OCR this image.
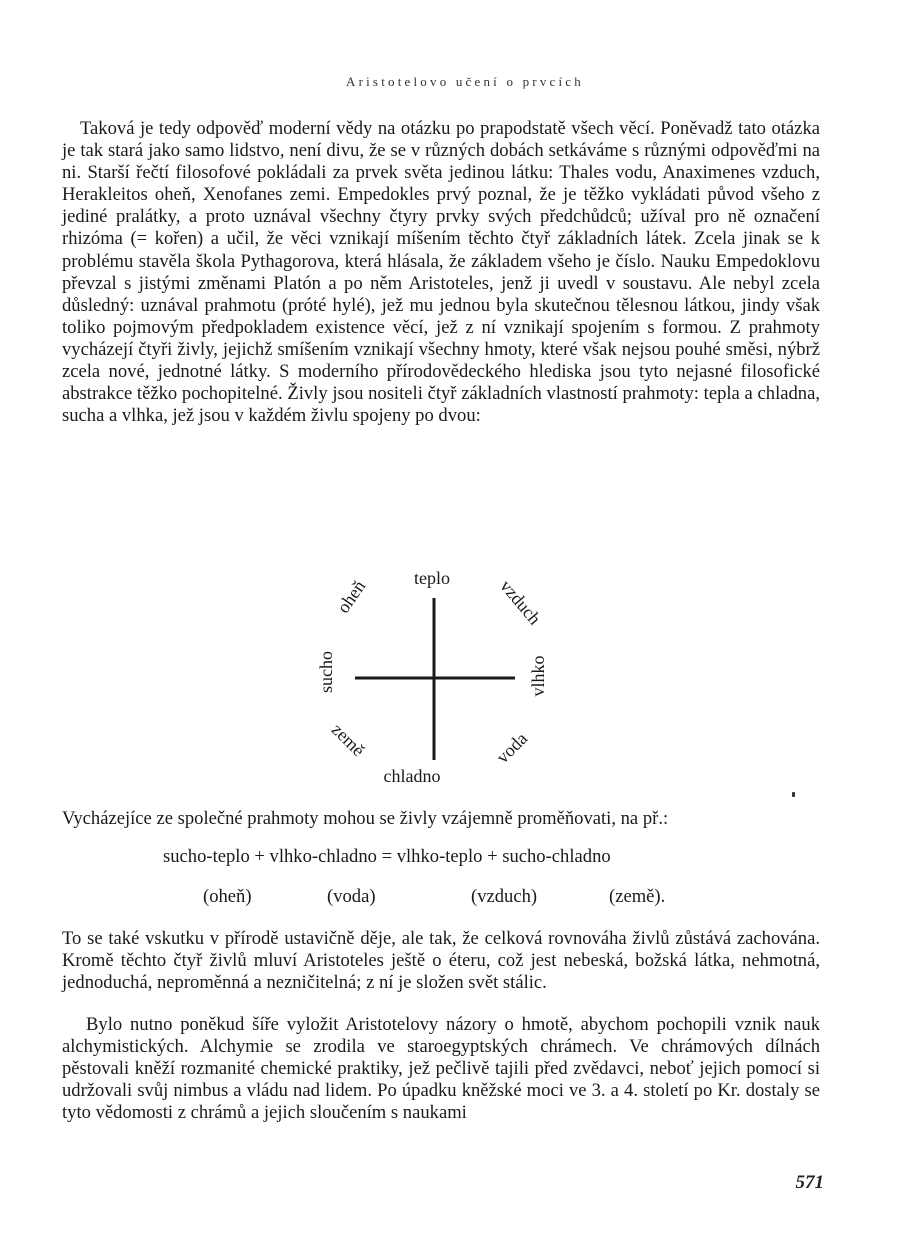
Aristotelovo učení o prvcích

Taková je tedy odpověď moderní vědy na otázku po prapodstatě všech věcí. Poněvadž tato otázka je tak stará jako samo lidstvo, není divu, že se v různých dobách setkáváme s různými odpověďmi na ni. Starší řečtí filosofové pokládali za prvek světa jedinou látku: Thales vodu, Anaximenes vzduch, Herakleitos oheň, Xenofanes zemi. Empedokles prvý poznal, že je těžko vykládati původ všeho z jediné pralátky, a proto uznával všechny čtyry prvky svých předchůdců; užíval pro ně označení rhizóma (= kořen) a učil, že věci vznikají míšením těchto čtyř základních látek. Zcela jinak se k problému stavěla škola Pythagorova, která hlásala, že základem všeho je číslo. Nauku Empedoklovu převzal s jistými změnami Platón a po něm Aristoteles, jenž ji uvedl v soustavu. Ale nebyl zcela důsledný: uznával prahmotu (próté hylé), jež mu jednou byla skutečnou tělesnou látkou, jindy však toliko pojmovým předpokladem existence věcí, jež z ní vznikají spojením s formou. Z prahmoty vycházejí čtyři živly, jejichž smíšením vznikají všechny hmoty, které však nejsou pouhé směsi, nýbrž zcela nové, jednotné látky. S moderního přírodovědeckého hlediska jsou tyto nejasné filosofické abstrakce těžko pochopitelné. Živly jsou nositeli čtyř základních vlastností prahmoty: tepla a chladna, sucha a vlhka, jež jsou v každém živlu spojeny po dvou:

teplo
chladno
sucho	vlhko
oheň	vzduch
země	voda

Vycházejíce ze společné prahmoty mohou se živly vzájemně proměňovati, na př.:

sucho-teplo + vlhko-chladno = vlhko-teplo + sucho-chladno
(oheň)	(voda)	(vzduch)	(země).

To se také vskutku v přírodě ustavičně děje, ale tak, že celková rovnováha živlů zůstává zachována. Kromě těchto čtyř živlů mluví Aristoteles ještě o éteru, což jest nebeská, božská látka, nehmotná, jednoduchá, neproměnná a nezničitelná; z ní je složen svět stálic.

Bylo nutno poněkud šíře vyložit Aristotelovy názory o hmotě, abychom pochopili vznik nauk alchymistických. Alchymie se zrodila ve staroegyptských chrámech. Ve chrámových dílnách pěstovali kněží rozmanité chemické praktiky, jež pečlivě tajili před zvědavci, neboť jejich pomocí si udržovali svůj nimbus a vládu nad lidem. Po úpadku kněžské moci ve 3. a 4. století po Kr. dostaly se tyto vědomosti z chrámů a jejich sloučením s naukami

571
